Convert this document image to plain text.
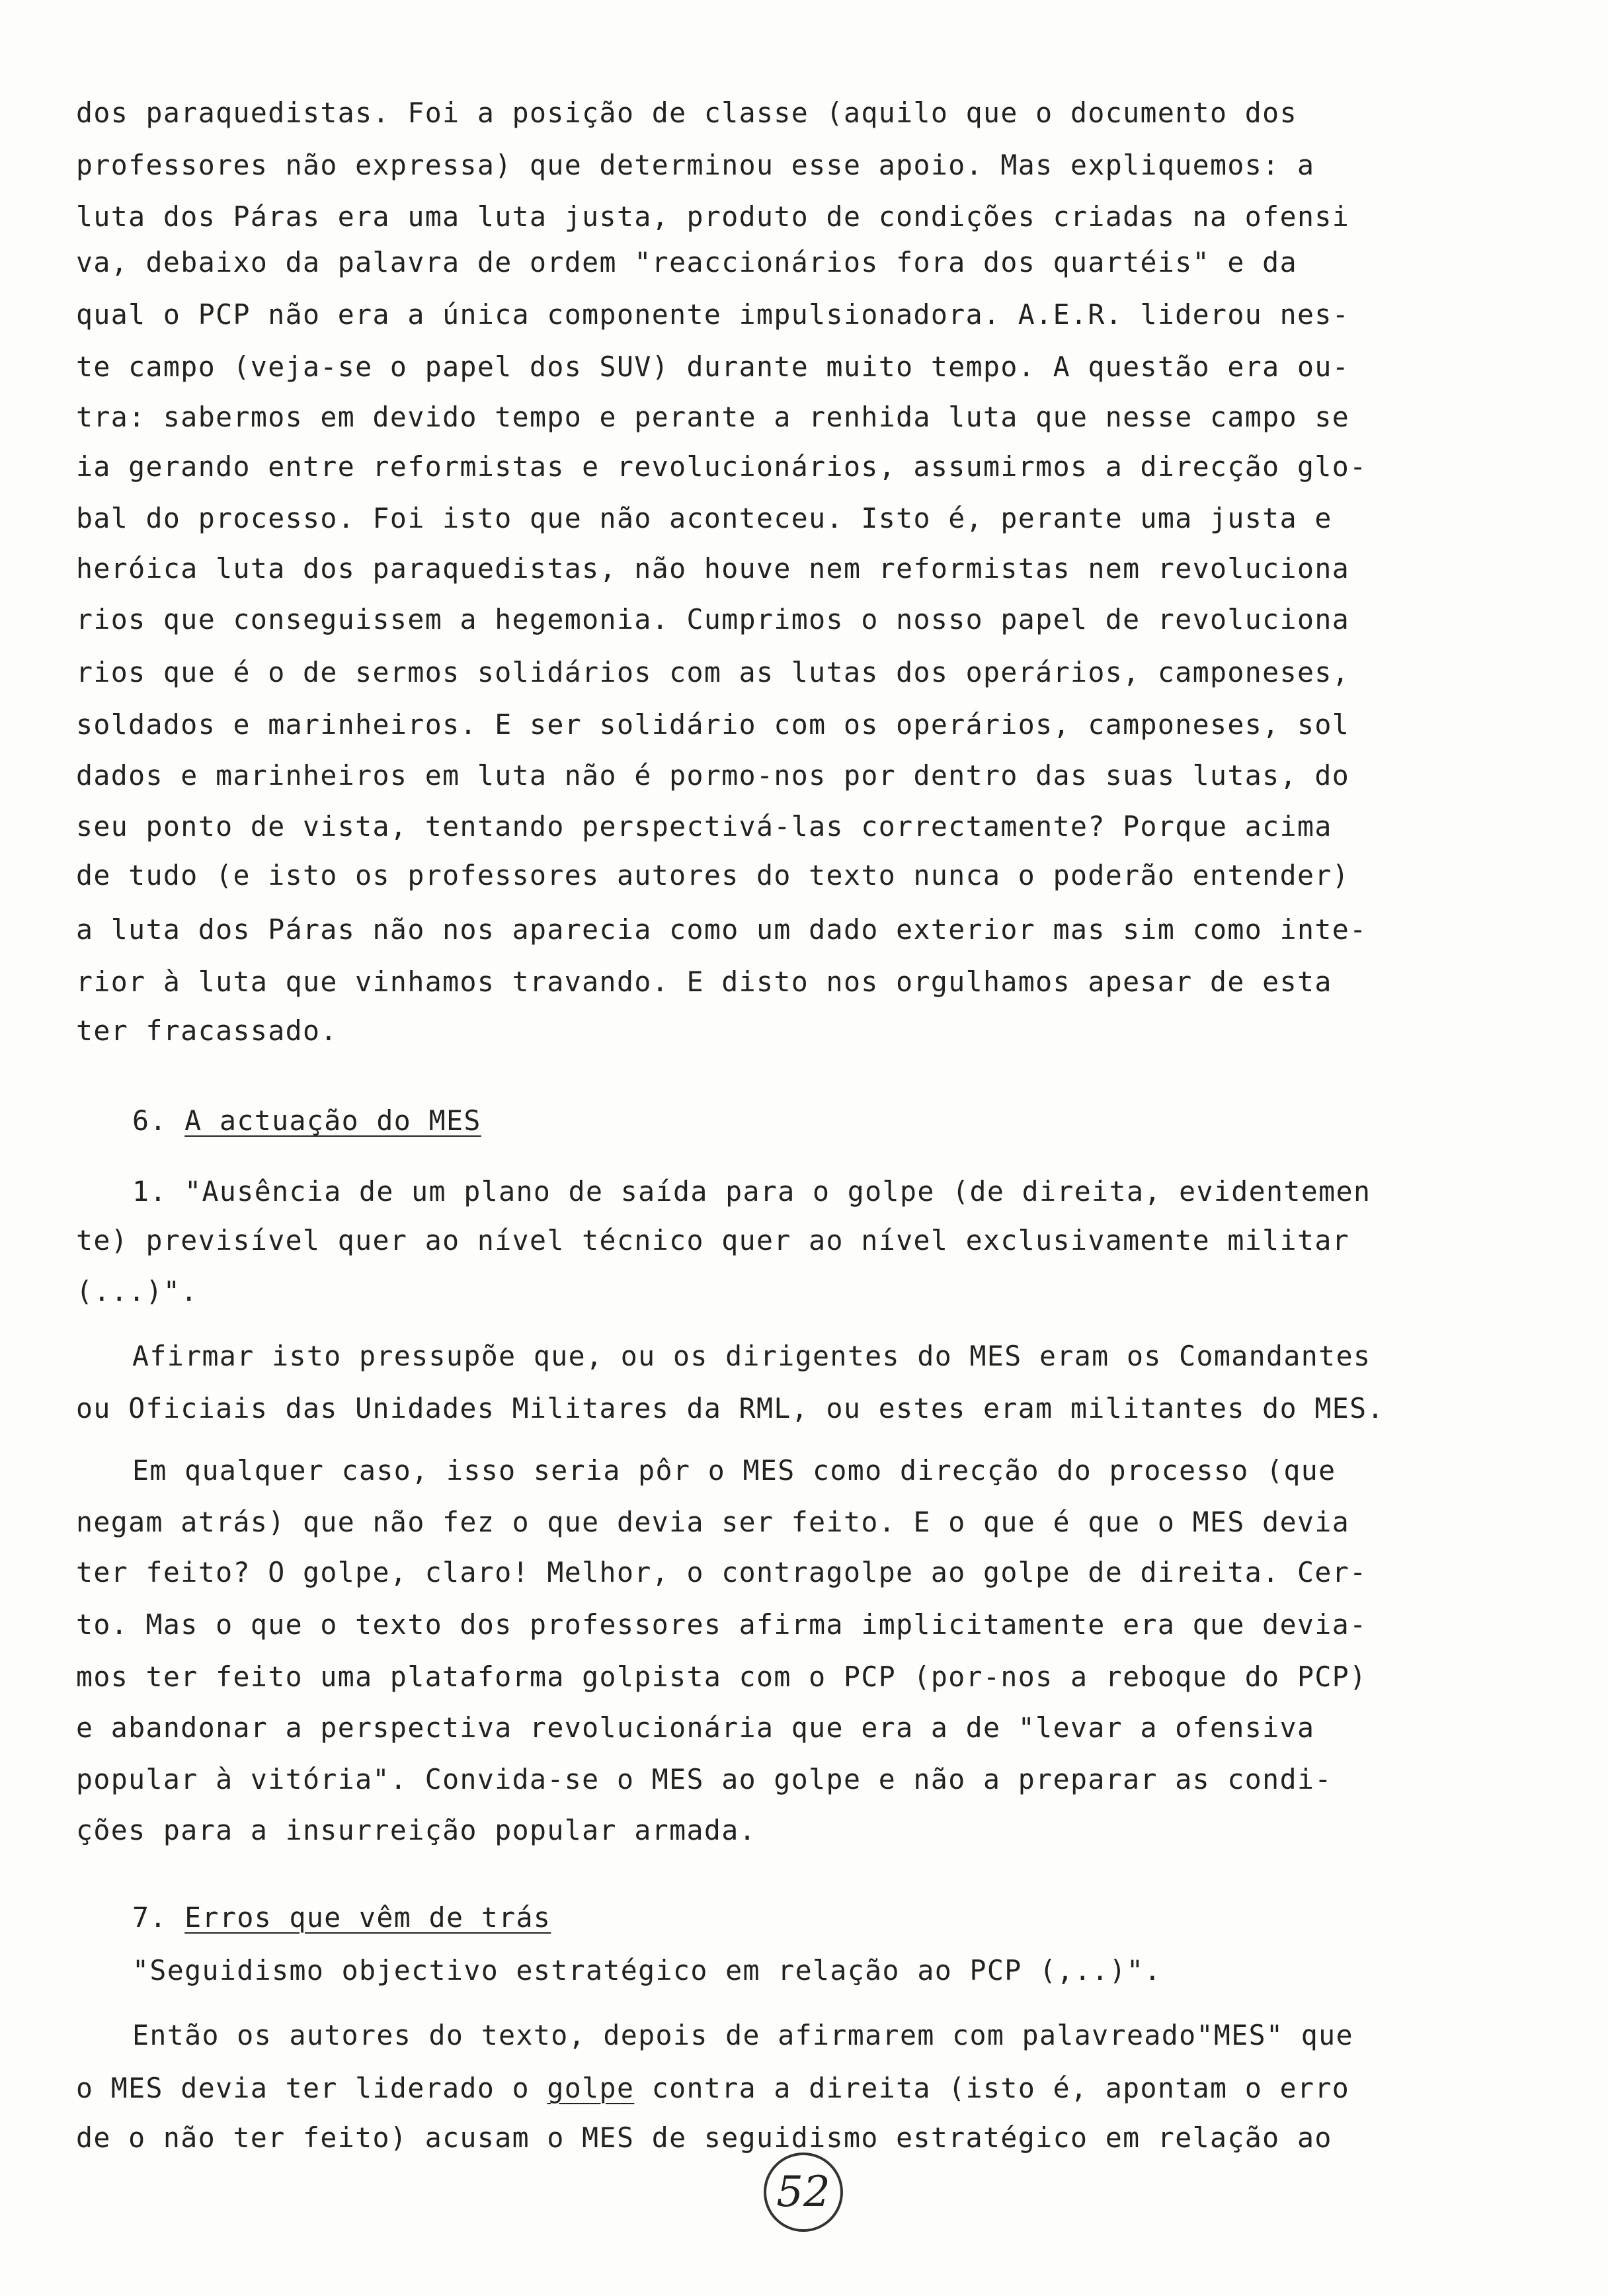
dos paraquedistas. Foi a posição de classe (aquilo que o documento dos
professores não expressa) que determinou esse apoio. Mas expliquemos: a
luta dos Páras era uma luta justa, produto de condições criadas na ofensi
va, debaixo da palavra de ordem "reaccionários fora dos quartéis" e da
qual o PCP não era a única componente impulsionadora. A.E.R. liderou nes-
te campo (veja-se o papel dos SUV) durante muito tempo. A questão era ou-
tra: sabermos em devido tempo e perante a renhida luta que nesse campo se
ia gerando entre reformistas e revolucionários, assumirmos a direcção glo-
bal do processo. Foi isto que não aconteceu. Isto é, perante uma justa e
heróica luta dos paraquedistas, não houve nem reformistas nem revoluciona
rios que conseguissem a hegemonia. Cumprimos o nosso papel de revoluciona
rios que é o de sermos solidários com as lutas dos operários, camponeses,
soldados e marinheiros. E ser solidário com os operários, camponeses, sol
dados e marinheiros em luta não é pormo-nos por dentro das suas lutas, do
seu ponto de vista, tentando perspectivá-las correctamente? Porque acima
de tudo (e isto os professores autores do texto nunca o poderão entender)
a luta dos Páras não nos aparecia como um dado exterior mas sim como inte-
rior à luta que vinhamos travando. E disto nos orgulhamos apesar de esta
ter fracassado.
6. A actuação do MES
1. "Ausência de um plano de saída para o golpe (de direita, evidentemen
te) previsível quer ao nível técnico quer ao nível exclusivamente militar
(...)".
Afirmar isto pressupõe que, ou os dirigentes do MES eram os Comandantes
ou Oficiais das Unidades Militares da RML, ou estes eram militantes do MES.
Em qualquer caso, isso seria pôr o MES como direcção do processo (que
negam atrás) que não fez o que devia ser feito. E o que é que o MES devia
ter feito? O golpe, claro! Melhor, o contragolpe ao golpe de direita. Cer-
to. Mas o que o texto dos professores afirma implicitamente era que devia-
mos ter feito uma plataforma golpista com o PCP (por-nos a reboque do PCP)
e abandonar a perspectiva revolucionária que era a de "levar a ofensiva
popular à vitória". Convida-se o MES ao golpe e não a preparar as condi-
ções para a insurreição popular armada.
7. Erros que vêm de trás
"Seguidismo objectivo estratégico em relação ao PCP (,..)".
Então os autores do texto, depois de afirmarem com palavreado"MES" que
o MES devia ter liderado o golpe contra a direita (isto é, apontam o erro
de o não ter feito) acusam o MES de seguidismo estratégico em relação ao
52
